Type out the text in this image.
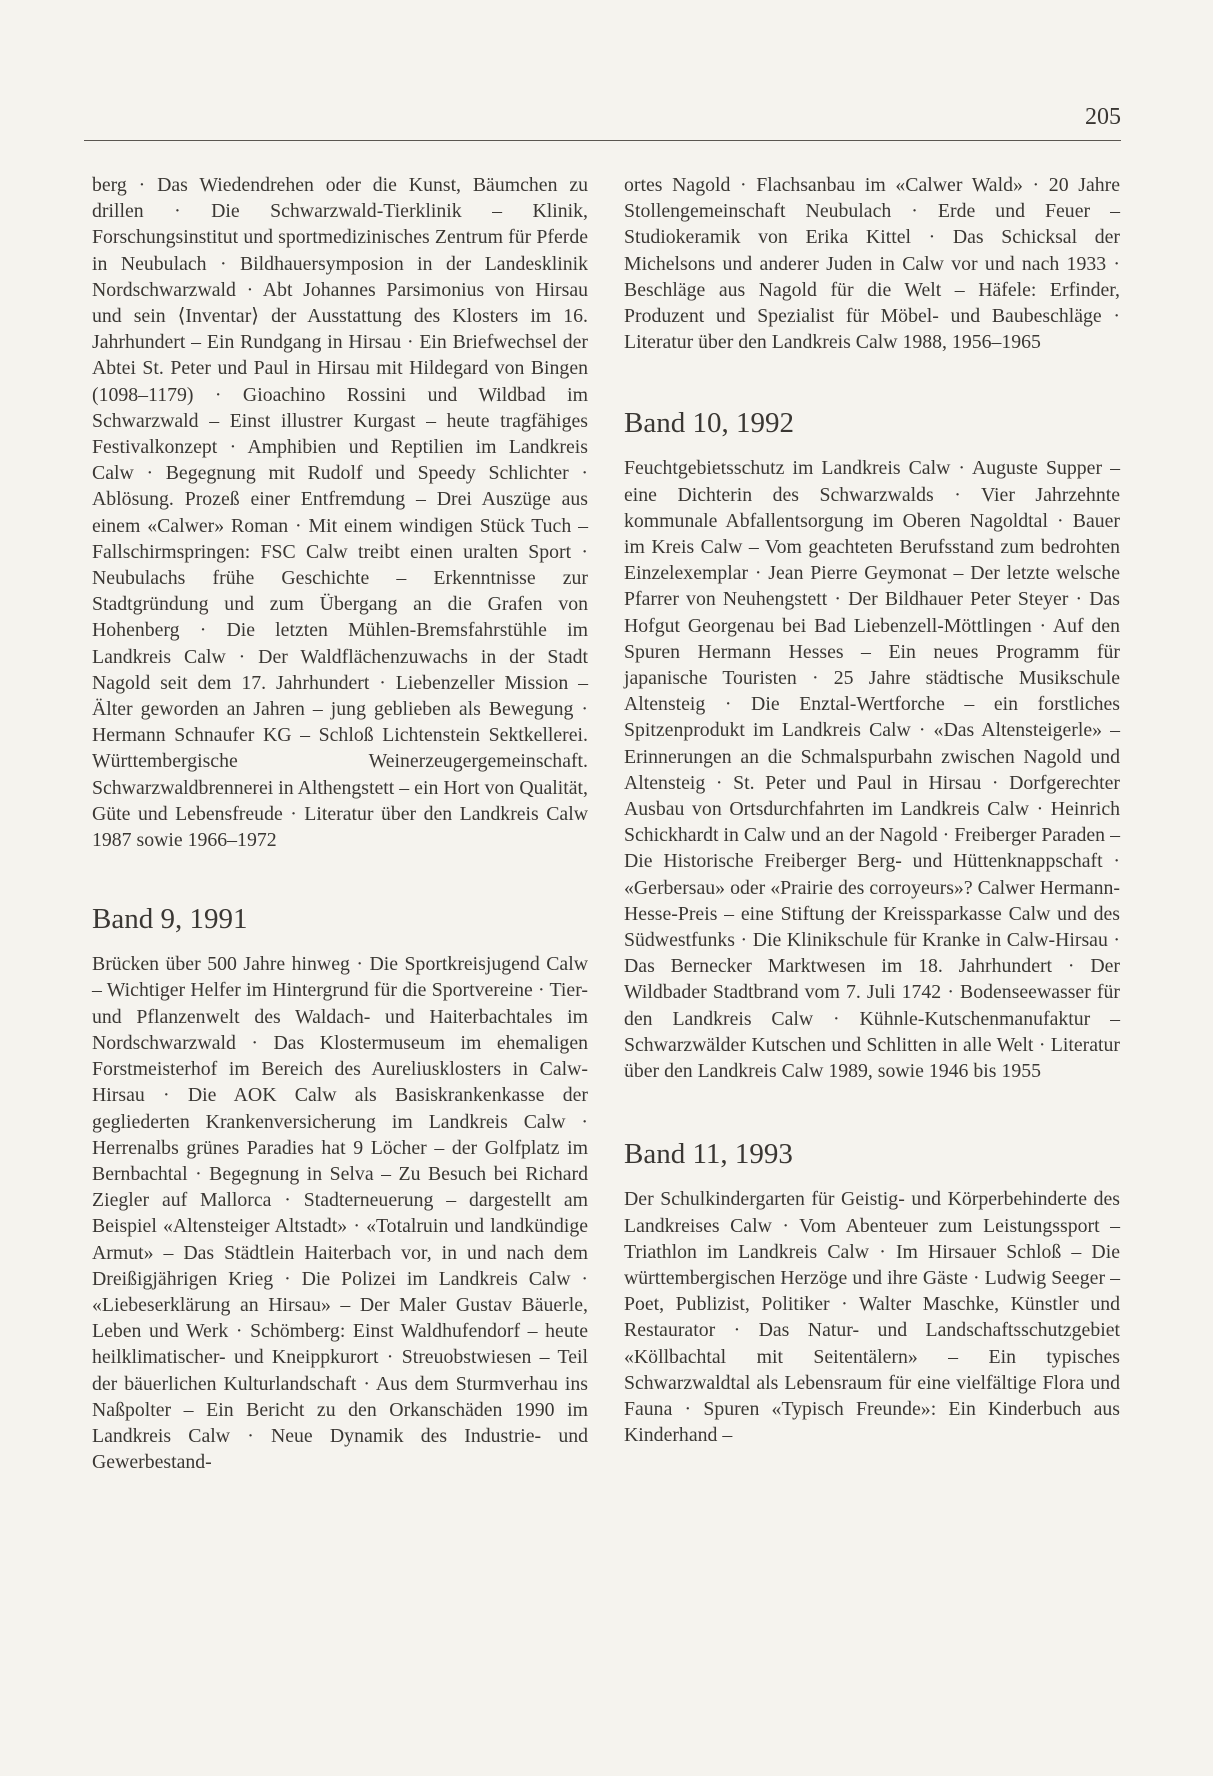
205

berg · Das Wiedendrehen oder die Kunst, Bäumchen zu drillen · Die Schwarzwald-Tierklinik – Klinik, Forschungsinstitut und sportmedizinisches Zentrum für Pferde in Neubulach · Bildhauersymposion in der Landesklinik Nordschwarzwald · Abt Johannes Parsimonius von Hirsau und sein ⟨Inventar⟩ der Ausstattung des Klosters im 16. Jahrhundert – Ein Rundgang in Hirsau · Ein Briefwechsel der Abtei St. Peter und Paul in Hirsau mit Hildegard von Bingen (1098–1179) · Gioachino Rossini und Wildbad im Schwarzwald – Einst illustrer Kurgast – heute tragfähiges Festivalkonzept · Amphibien und Reptilien im Landkreis Calw · Begegnung mit Rudolf und Speedy Schlichter · Ablösung. Prozeß einer Entfremdung – Drei Auszüge aus einem «Calwer» Roman · Mit einem windigen Stück Tuch – Fallschirmspringen: FSC Calw treibt einen uralten Sport · Neubulachs frühe Geschichte – Erkenntnisse zur Stadtgründung und zum Übergang an die Grafen von Hohenberg · Die letzten Mühlen-Bremsfahrstühle im Landkreis Calw · Der Waldflächenzuwachs in der Stadt Nagold seit dem 17. Jahrhundert · Liebenzeller Mission – Älter geworden an Jahren – jung geblieben als Bewegung · Hermann Schnaufer KG – Schloß Lichtenstein Sektkellerei. Württembergische Weinerzeugergemeinschaft. Schwarzwaldbrennerei in Althengstett – ein Hort von Qualität, Güte und Lebensfreude · Literatur über den Landkreis Calw 1987 sowie 1966–1972

Band 9, 1991

Brücken über 500 Jahre hinweg · Die Sportkreisjugend Calw – Wichtiger Helfer im Hintergrund für die Sportvereine · Tier- und Pflanzenwelt des Waldach- und Haiterbachtales im Nordschwarzwald · Das Klostermuseum im ehemaligen Forstmeisterhof im Bereich des Aureliusklosters in Calw-Hirsau · Die AOK Calw als Basiskrankenkasse der gegliederten Krankenversicherung im Landkreis Calw · Herrenalbs grünes Paradies hat 9 Löcher – der Golfplatz im Bernbachtal · Begegnung in Selva – Zu Besuch bei Richard Ziegler auf Mallorca · Stadterneuerung – dargestellt am Beispiel «Altensteiger Altstadt» · «Totalruin und landkündige Armut» – Das Städtlein Haiterbach vor, in und nach dem Dreißigjährigen Krieg · Die Polizei im Landkreis Calw · «Liebeserklärung an Hirsau» – Der Maler Gustav Bäuerle, Leben und Werk · Schömberg: Einst Waldhufendorf – heute heilklimatischer- und Kneippkurort · Streuobstwiesen – Teil der bäuerlichen Kulturlandschaft · Aus dem Sturmverhau ins Naßpolter – Ein Bericht zu den Orkanschäden 1990 im Landkreis Calw · Neue Dynamik des Industrie- und Gewerbestand-

ortes Nagold · Flachsanbau im «Calwer Wald» · 20 Jahre Stollengemeinschaft Neubulach · Erde und Feuer – Studiokeramik von Erika Kittel · Das Schicksal der Michelsons und anderer Juden in Calw vor und nach 1933 · Beschläge aus Nagold für die Welt – Häfele: Erfinder, Produzent und Spezialist für Möbel- und Baubeschläge · Literatur über den Landkreis Calw 1988, 1956–1965

Band 10, 1992

Feuchtgebietsschutz im Landkreis Calw · Auguste Supper – eine Dichterin des Schwarzwalds · Vier Jahrzehnte kommunale Abfallentsorgung im Oberen Nagoldtal · Bauer im Kreis Calw – Vom geachteten Berufsstand zum bedrohten Einzelexemplar · Jean Pierre Geymonat – Der letzte welsche Pfarrer von Neuhengstett · Der Bildhauer Peter Steyer · Das Hofgut Georgenau bei Bad Liebenzell-Möttlingen · Auf den Spuren Hermann Hesses – Ein neues Programm für japanische Touristen · 25 Jahre städtische Musikschule Altensteig · Die Enztal-Wertforche – ein forstliches Spitzenprodukt im Landkreis Calw · «Das Altensteigerle» – Erinnerungen an die Schmalspurbahn zwischen Nagold und Altensteig · St. Peter und Paul in Hirsau · Dorfgerechter Ausbau von Ortsdurchfahrten im Landkreis Calw · Heinrich Schickhardt in Calw und an der Nagold · Freiberger Paraden – Die Historische Freiberger Berg- und Hüttenknappschaft · «Gerbersau» oder «Prairie des corroyeurs»? Calwer Hermann-Hesse-Preis – eine Stiftung der Kreissparkasse Calw und des Südwestfunks · Die Klinikschule für Kranke in Calw-Hirsau · Das Bernecker Marktwesen im 18. Jahrhundert · Der Wildbader Stadtbrand vom 7. Juli 1742 · Bodenseewasser für den Landkreis Calw · Kühnle-Kutschenmanufaktur – Schwarzwälder Kutschen und Schlitten in alle Welt · Literatur über den Landkreis Calw 1989, sowie 1946 bis 1955

Band 11, 1993

Der Schulkindergarten für Geistig- und Körperbehinderte des Landkreises Calw · Vom Abenteuer zum Leistungssport – Triathlon im Landkreis Calw · Im Hirsauer Schloß – Die württembergischen Herzöge und ihre Gäste · Ludwig Seeger – Poet, Publizist, Politiker · Walter Maschke, Künstler und Restaurator · Das Natur- und Landschaftsschutzgebiet «Köllbachtal mit Seitentälern» – Ein typisches Schwarzwaldtal als Lebensraum für eine vielfältige Flora und Fauna · Spuren «Typisch Freunde»: Ein Kinderbuch aus Kinderhand –
